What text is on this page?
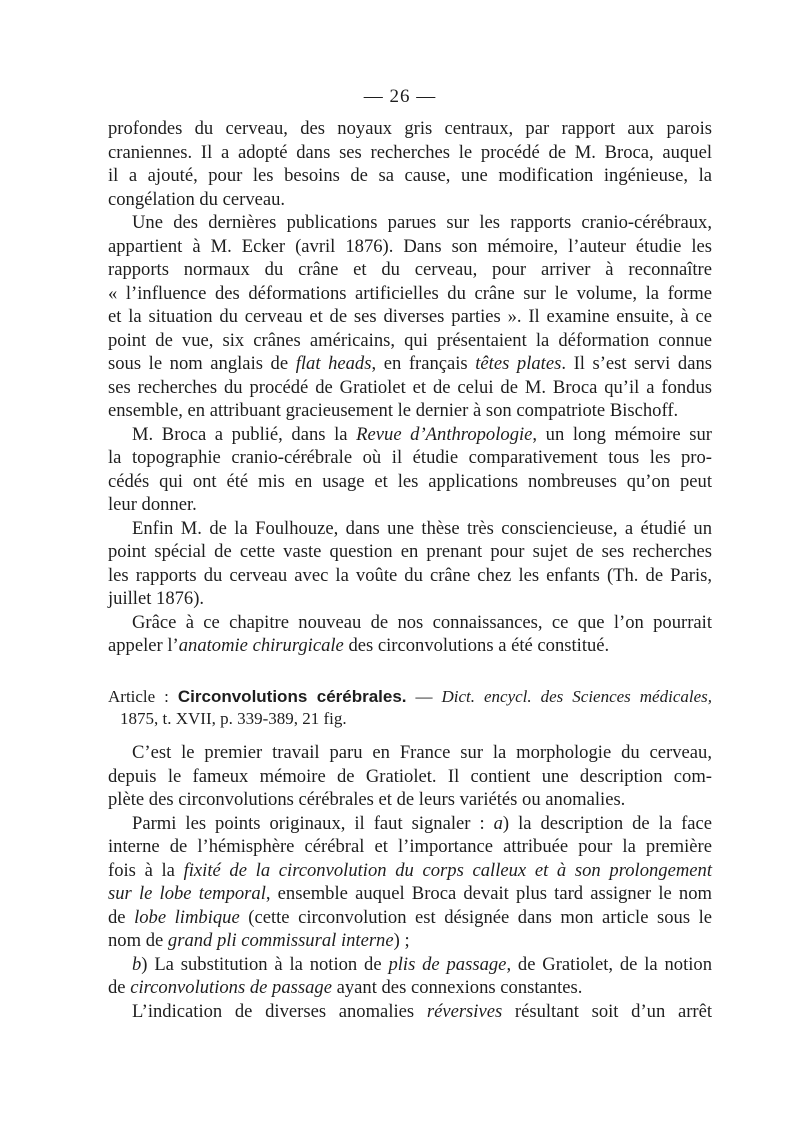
— 26 —
profondes du cerveau, des noyaux gris centraux, par rapport aux parois
craniennes. Il a adopté dans ses recherches le procédé de M. Broca, auquel
il a ajouté, pour les besoins de sa cause, une modification ingénieuse, la
congélation du cerveau.
Une des dernières publications parues sur les rapports cranio-cérébraux,
appartient à M. Ecker (avril 1876). Dans son mémoire, l’auteur étudie les
rapports normaux du crâne et du cerveau, pour arriver à reconnaître
« l’influence des déformations artificielles du crâne sur le volume, la forme
et la situation du cerveau et de ses diverses parties ». Il examine ensuite, à ce
point de vue, six crânes américains, qui présentaient la déformation connue
sous le nom anglais de flat heads, en français têtes plates. Il s’est servi dans
ses recherches du procédé de Gratiolet et de celui de M. Broca qu’il a fondus
ensemble, en attribuant gracieusement le dernier à son compatriote Bischoff.
M. Broca a publié, dans la Revue d’Anthropologie, un long mémoire sur
la topographie cranio-cérébrale où il étudie comparativement tous les pro-
cédés qui ont été mis en usage et les applications nombreuses qu’on peut
leur donner.
Enfin M. de la Foulhouze, dans une thèse très consciencieuse, a étudié un
point spécial de cette vaste question en prenant pour sujet de ses recherches
les rapports du cerveau avec la voûte du crâne chez les enfants (Th. de Paris,
juillet 1876).
Grâce à ce chapitre nouveau de nos connaissances, ce que l’on pourrait
appeler l’anatomie chirurgicale des circonvolutions a été constitué.
Article : Circonvolutions cérébrales. — Dict. encycl. des Sciences médicales,
1875, t. XVII, p. 339-389, 21 fig.
C’est le premier travail paru en France sur la morphologie du cerveau,
depuis le fameux mémoire de Gratiolet. Il contient une description com-
plète des circonvolutions cérébrales et de leurs variétés ou anomalies.
Parmi les points originaux, il faut signaler : a) la description de la face
interne de l’hémisphère cérébral et l’importance attribuée pour la première
fois à la fixité de la circonvolution du corps calleux et à son prolongement
sur le lobe temporal, ensemble auquel Broca devait plus tard assigner le nom
de lobe limbique (cette circonvolution est désignée dans mon article sous le
nom de grand pli commissural interne) ;
b) La substitution à la notion de plis de passage, de Gratiolet, de la notion
de circonvolutions de passage ayant des connexions constantes.
L’indication de diverses anomalies réversives résultant soit d’un arrêt
